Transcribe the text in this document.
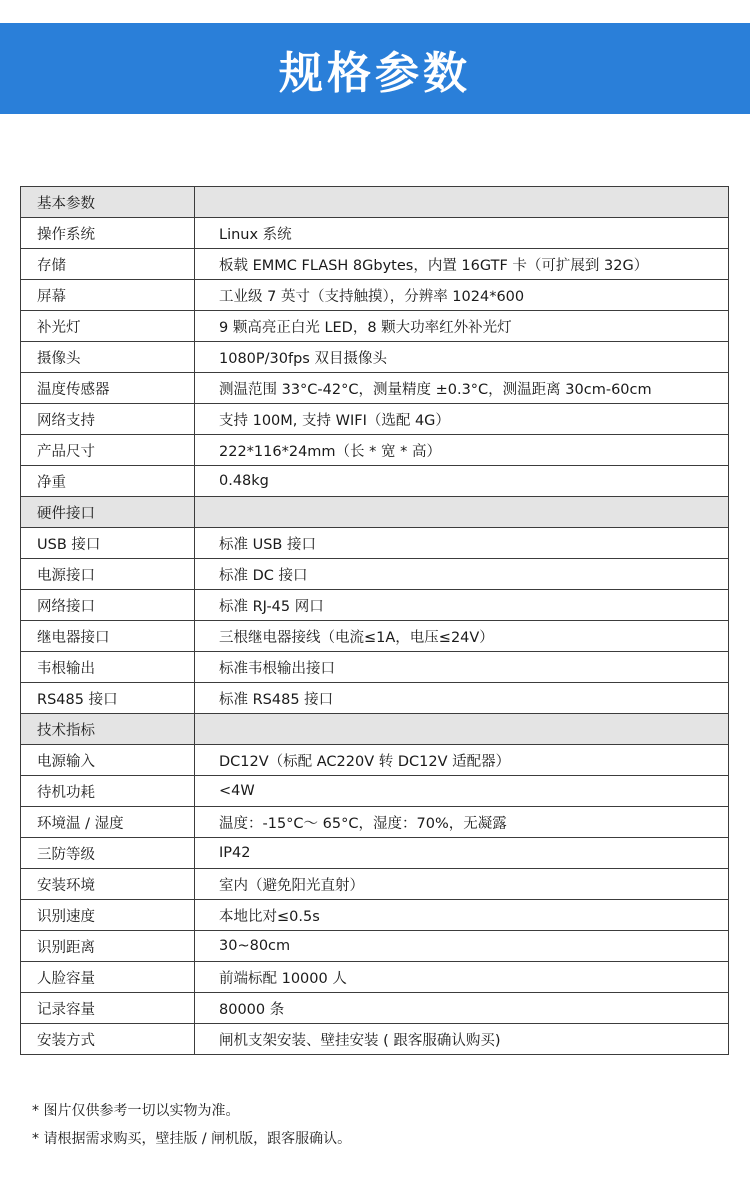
规格参数
基本参数	
操作系统	Linux 系统
存储	板载 EMMC FLASH 8Gbytes，内置 16GTF 卡（可扩展到 32G）
屏幕	工业级 7 英寸（支持触摸），分辨率 1024*600
补光灯	9 颗高亮正白光 LED，8 颗大功率红外补光灯
摄像头	1080P/30fps 双目摄像头
温度传感器	测温范围 33°C-42°C，测量精度 ±0.3°C，测温距离 30cm-60cm
网络支持	支持 100M, 支持 WIFI（选配 4G）
产品尺寸	222*116*24mm（长 * 宽 * 高）
净重	0.48kg
硬件接口	
USB 接口	标准 USB 接口
电源接口	标准 DC 接口
网络接口	标准 RJ-45 网口
继电器接口	三根继电器接线（电流≤1A，电压≤24V）
韦根输出	标准韦根输出接口
RS485 接口	标准 RS485 接口
技术指标	
电源输入	DC12V（标配 AC220V 转 DC12V 适配器）
待机功耗	<4W
环境温 / 湿度	温度：-15°C～ 65°C，湿度：70%，无凝露
三防等级	IP42
安装环境	室内（避免阳光直射）
识别速度	本地比对≤0.5s
识别距离	30~80cm
人脸容量	前端标配 10000 人
记录容量	80000 条
安装方式	闸机支架安装、壁挂安装 ( 跟客服确认购买)
* 图片仅供参考一切以实物为准。
* 请根据需求购买，壁挂版 / 闸机版，跟客服确认。
